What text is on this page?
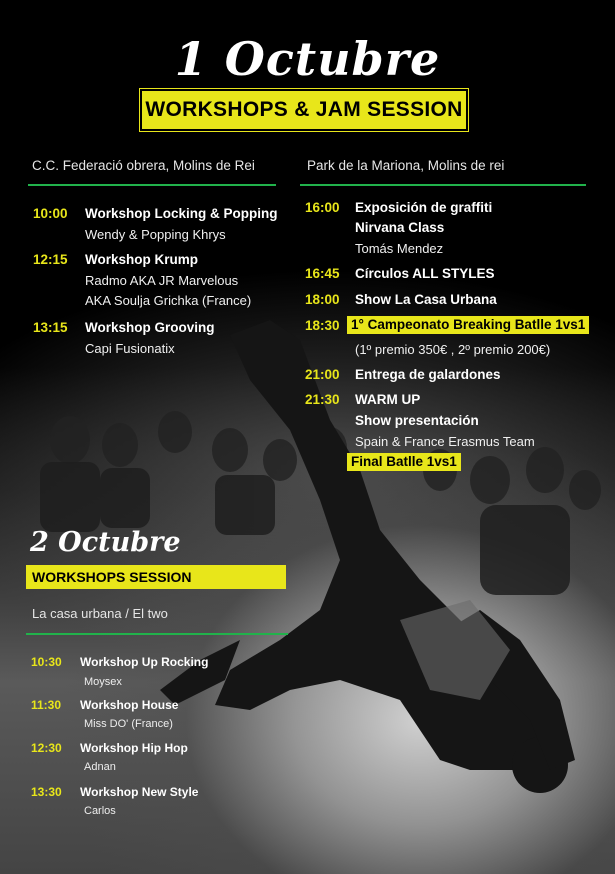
1 Octubre
WORKSHOPS & JAM SESSION
C.C. Federació obrera, Molins de Rei
10:00 Workshop Locking & Popping
Wendy & Popping Khrys
12:15 Workshop Krump
Radmo AKA JR Marvelous
AKA Soulja Grichka (France)
13:15 Workshop Grooving
Capi Fusionatix
Park de la Mariona, Molins de rei
16:00 Exposición de graffiti
Nirvana Class
Tomás Mendez
16:45 Círculos ALL STYLES
18:00 Show La Casa Urbana
18:30 1° Campeonato Breaking Batlle 1vs1
(1º premio 350€ , 2º premio 200€)
21:00 Entrega de galardones
21:30 WARM UP
Show presentación
Spain & France Erasmus Team
Final Batlle 1vs1
2 Octubre
WORKSHOPS SESSION
La casa urbana / El two
10:30 Workshop Up Rocking
Moysex
11:30 Workshop House
Miss DO' (France)
12:30 Workshop Hip Hop
Adnan
13:30 Workshop New Style
Carlos
